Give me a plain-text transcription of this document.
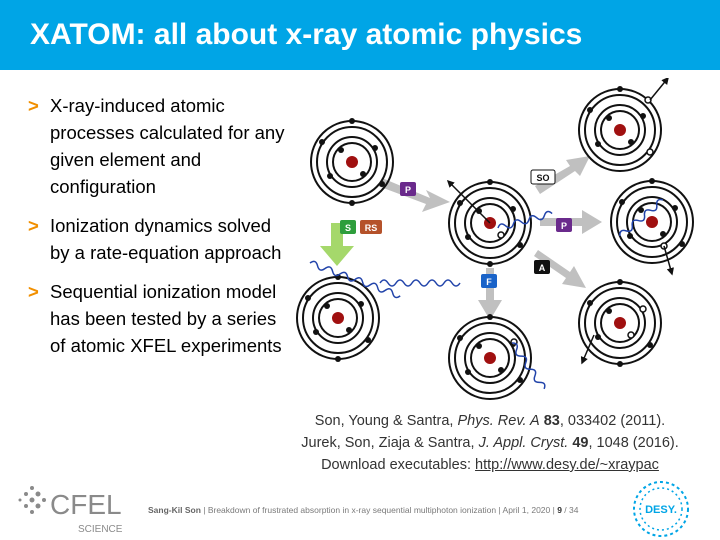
XATOM: all about x-ray atomic physics
> X-ray-induced atomic processes calculated for any given element and configuration
> Ionization dynamics solved by a rate-equation approach
> Sequential ionization model has been tested by a series of atomic XFEL experiments
P
S RS
SO
P
A
F

Son, Young & Santra, Phys. Rev. A 83, 033402 (2011).

Jurek, Son, Ziaja & Santra, J. Appl. Cryst. 49, 1048 (2016).

Download executables: http://www.desy.de/~xraypac

CFEL
SCIENCE
Sang-Kil Son | Breakdown of frustrated absorption in x-ray sequential multiphoton ionization | April 1, 2020 | 9 / 34	DESY.
